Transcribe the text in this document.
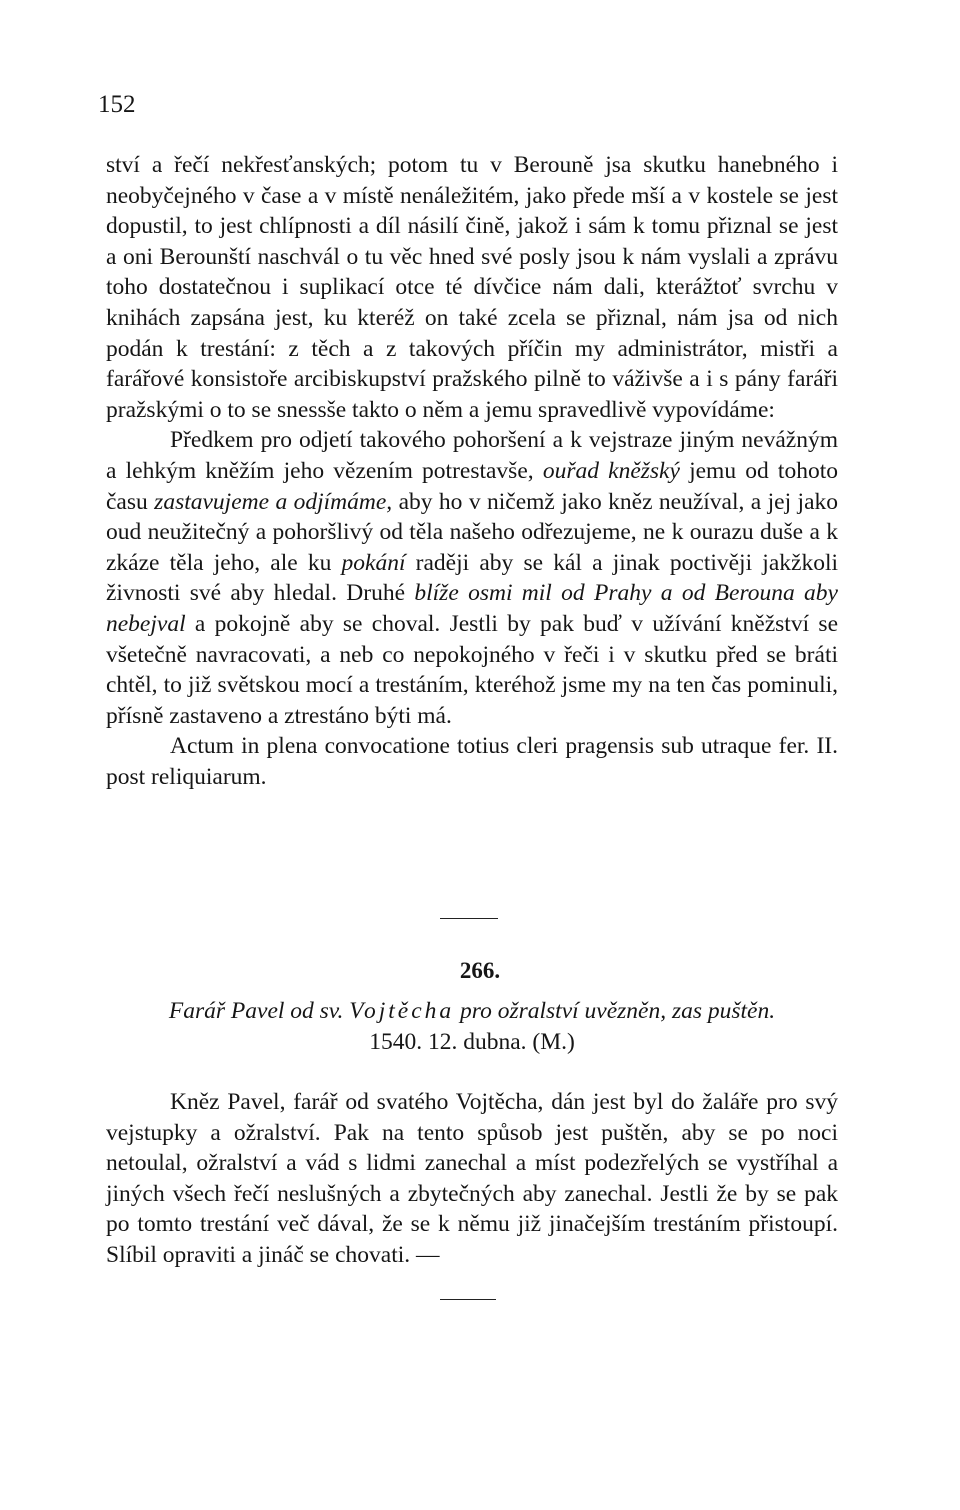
152

ství a řečí nekřesťanských; potom tu v Berouně jsa skutku hanebného i neobyčejného v čase a v místě nenáležitém, jako přede mší a v kostele se jest dopustil, to jest chlípnosti a díl násilí čině, jakož i sám k tomu přiznal se jest a oni Berounští naschvál o tu věc hned své posly jsou k nám vyslali a zprávu toho dostatečnou i suplikací otce té dívčice nám dali, kterážtoť svrchu v knihách zapsána jest, ku kteréž on také zcela se přiznal, nám jsa od nich podán k trestání: z těch a z takových příčin my administrátor, mistři a farářové konsistoře arcibiskupství pražského pilně to váživše a i s pány faráři pražskými o to se snessše takto o něm a jemu spravedlivě vypovídáme:

Předkem pro odjetí takového pohoršení a k vejstraze jiným nevážným a lehkým kněžím jeho vězením potrestavše, ouřad kněžský jemu od tohoto času zastavujeme a odjímáme, aby ho v ničemž jako kněz neužíval, a jej jako oud neužitečný a pohoršlivý od těla našeho odřezujeme, ne k ourazu duše a k zkáze těla jeho, ale ku pokání raději aby se kál a jinak poctivěji jakžkoli živnosti své aby hledal. Druhé blíže osmi mil od Prahy a od Berouna aby nebejval a pokojně aby se choval. Jestli by pak buď v užívání kněžství se všetečně navracovati, a neb co nepokojného v řeči i v skutku před se bráti chtěl, to již světskou mocí a trestáním, kteréhož jsme my na ten čas pominuli, přísně zastaveno a ztrestáno býti má.

Actum in plena convocatione totius cleri pragensis sub utraque fer. II. post reliquiarum.

266.
Farář Pavel od sv. Vojtěcha pro ožralství uvězněn, zas puštěn.
1540. 12. dubna. (M.)

Kněz Pavel, farář od svatého Vojtěcha, dán jest byl do žaláře pro svý vejstupky a ožralství. Pak na tento spůsob jest puštěn, aby se po noci netoulal, ožralství a vád s lidmi zanechal a míst podezřelých se vystříhal a jiných všech řečí neslušných a zbytečných aby zanechal. Jestli že by se pak po tomto trestání več dával, že se k němu již jinačejším trestáním přistoupí. Slíbil opraviti a jináč se chovati. —
